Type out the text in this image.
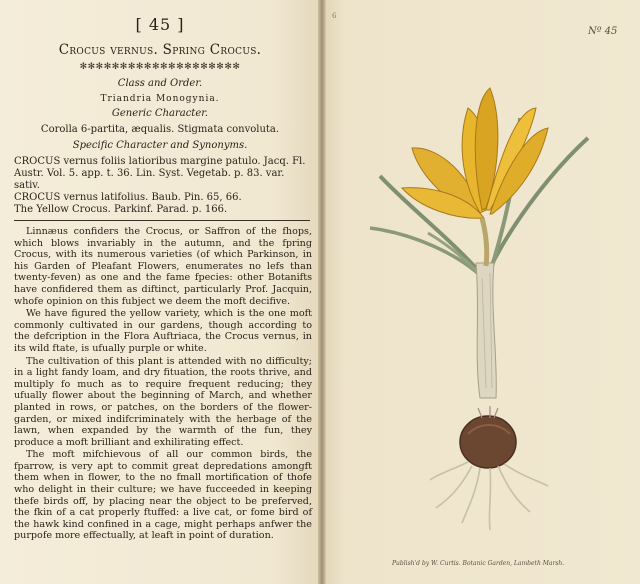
[ 45 ]
Crocus vernus. Spring Crocus.
✻✻✻✻✻✻✻✻✻✻✻✻✻✻✻✻✻✻✻✻
Class and Order.
Triandria Monogynia.
Generic Character.
Corolla 6-partita, æqualis. Stigmata convoluta.
Specific Character and Synonyms.
CROCUS vernus foliis latioribus margine patulo. Jacq. Fl. Austr. Vol. 5. app. t. 36. Lin. Syst. Vegetab. p. 83. var. sativ.
CROCUS vernus latifolius. Baub. Pin. 65, 66.
The Yellow Crocus. Parkinf. Parad. p. 166.

Linnæus confiders the Crocus, or Saffron of the fhops, which blows invariably in the autumn, and the fpring Crocus, with its numerous varieties (of which Parkinson, in his Garden of Pleafant Flowers, enumerates no lefs than twenty-feven) as one and the fame fpecies: other Botanifts have confidered them as diftinct, particularly Prof. Jacquin, whofe opinion on this fubject we deem the moft decifive.

We have figured the yellow variety, which is the one moft commonly cultivated in our gardens, though according to the defcription in the Flora Auftriaca, the Crocus vernus, in its wild ftate, is ufually purple or white.

The cultivation of this plant is attended with no difficulty; in a light fandy loam, and dry fituation, the roots thrive, and multiply fo much as to require frequent reducing; they ufually flower about the beginning of March, and whether planted in rows, or patches, on the borders of the flower-garden, or mixed indifcriminately with the herbage of the lawn, when expanded by the warmth of the fun, they produce a moft brilliant and exhilirating effect.

The moft mifchievous of all our common birds, the fparrow, is very apt to commit great depredations amongft them when in flower, to the no fmall mortification of thofe who delight in their culture; we have fucceeded in keeping thefe birds off, by placing near the object to be preferved, the fkin of a cat properly ftuffed: a live cat, or fome bird of the hawk kind confined in a cage, might perhaps anfwer the purpofe more effectually, at leaft in point of duration.

6
Nº 45
Publish'd by W. Curtis. Botanic Garden, Lambeth Marsh.
